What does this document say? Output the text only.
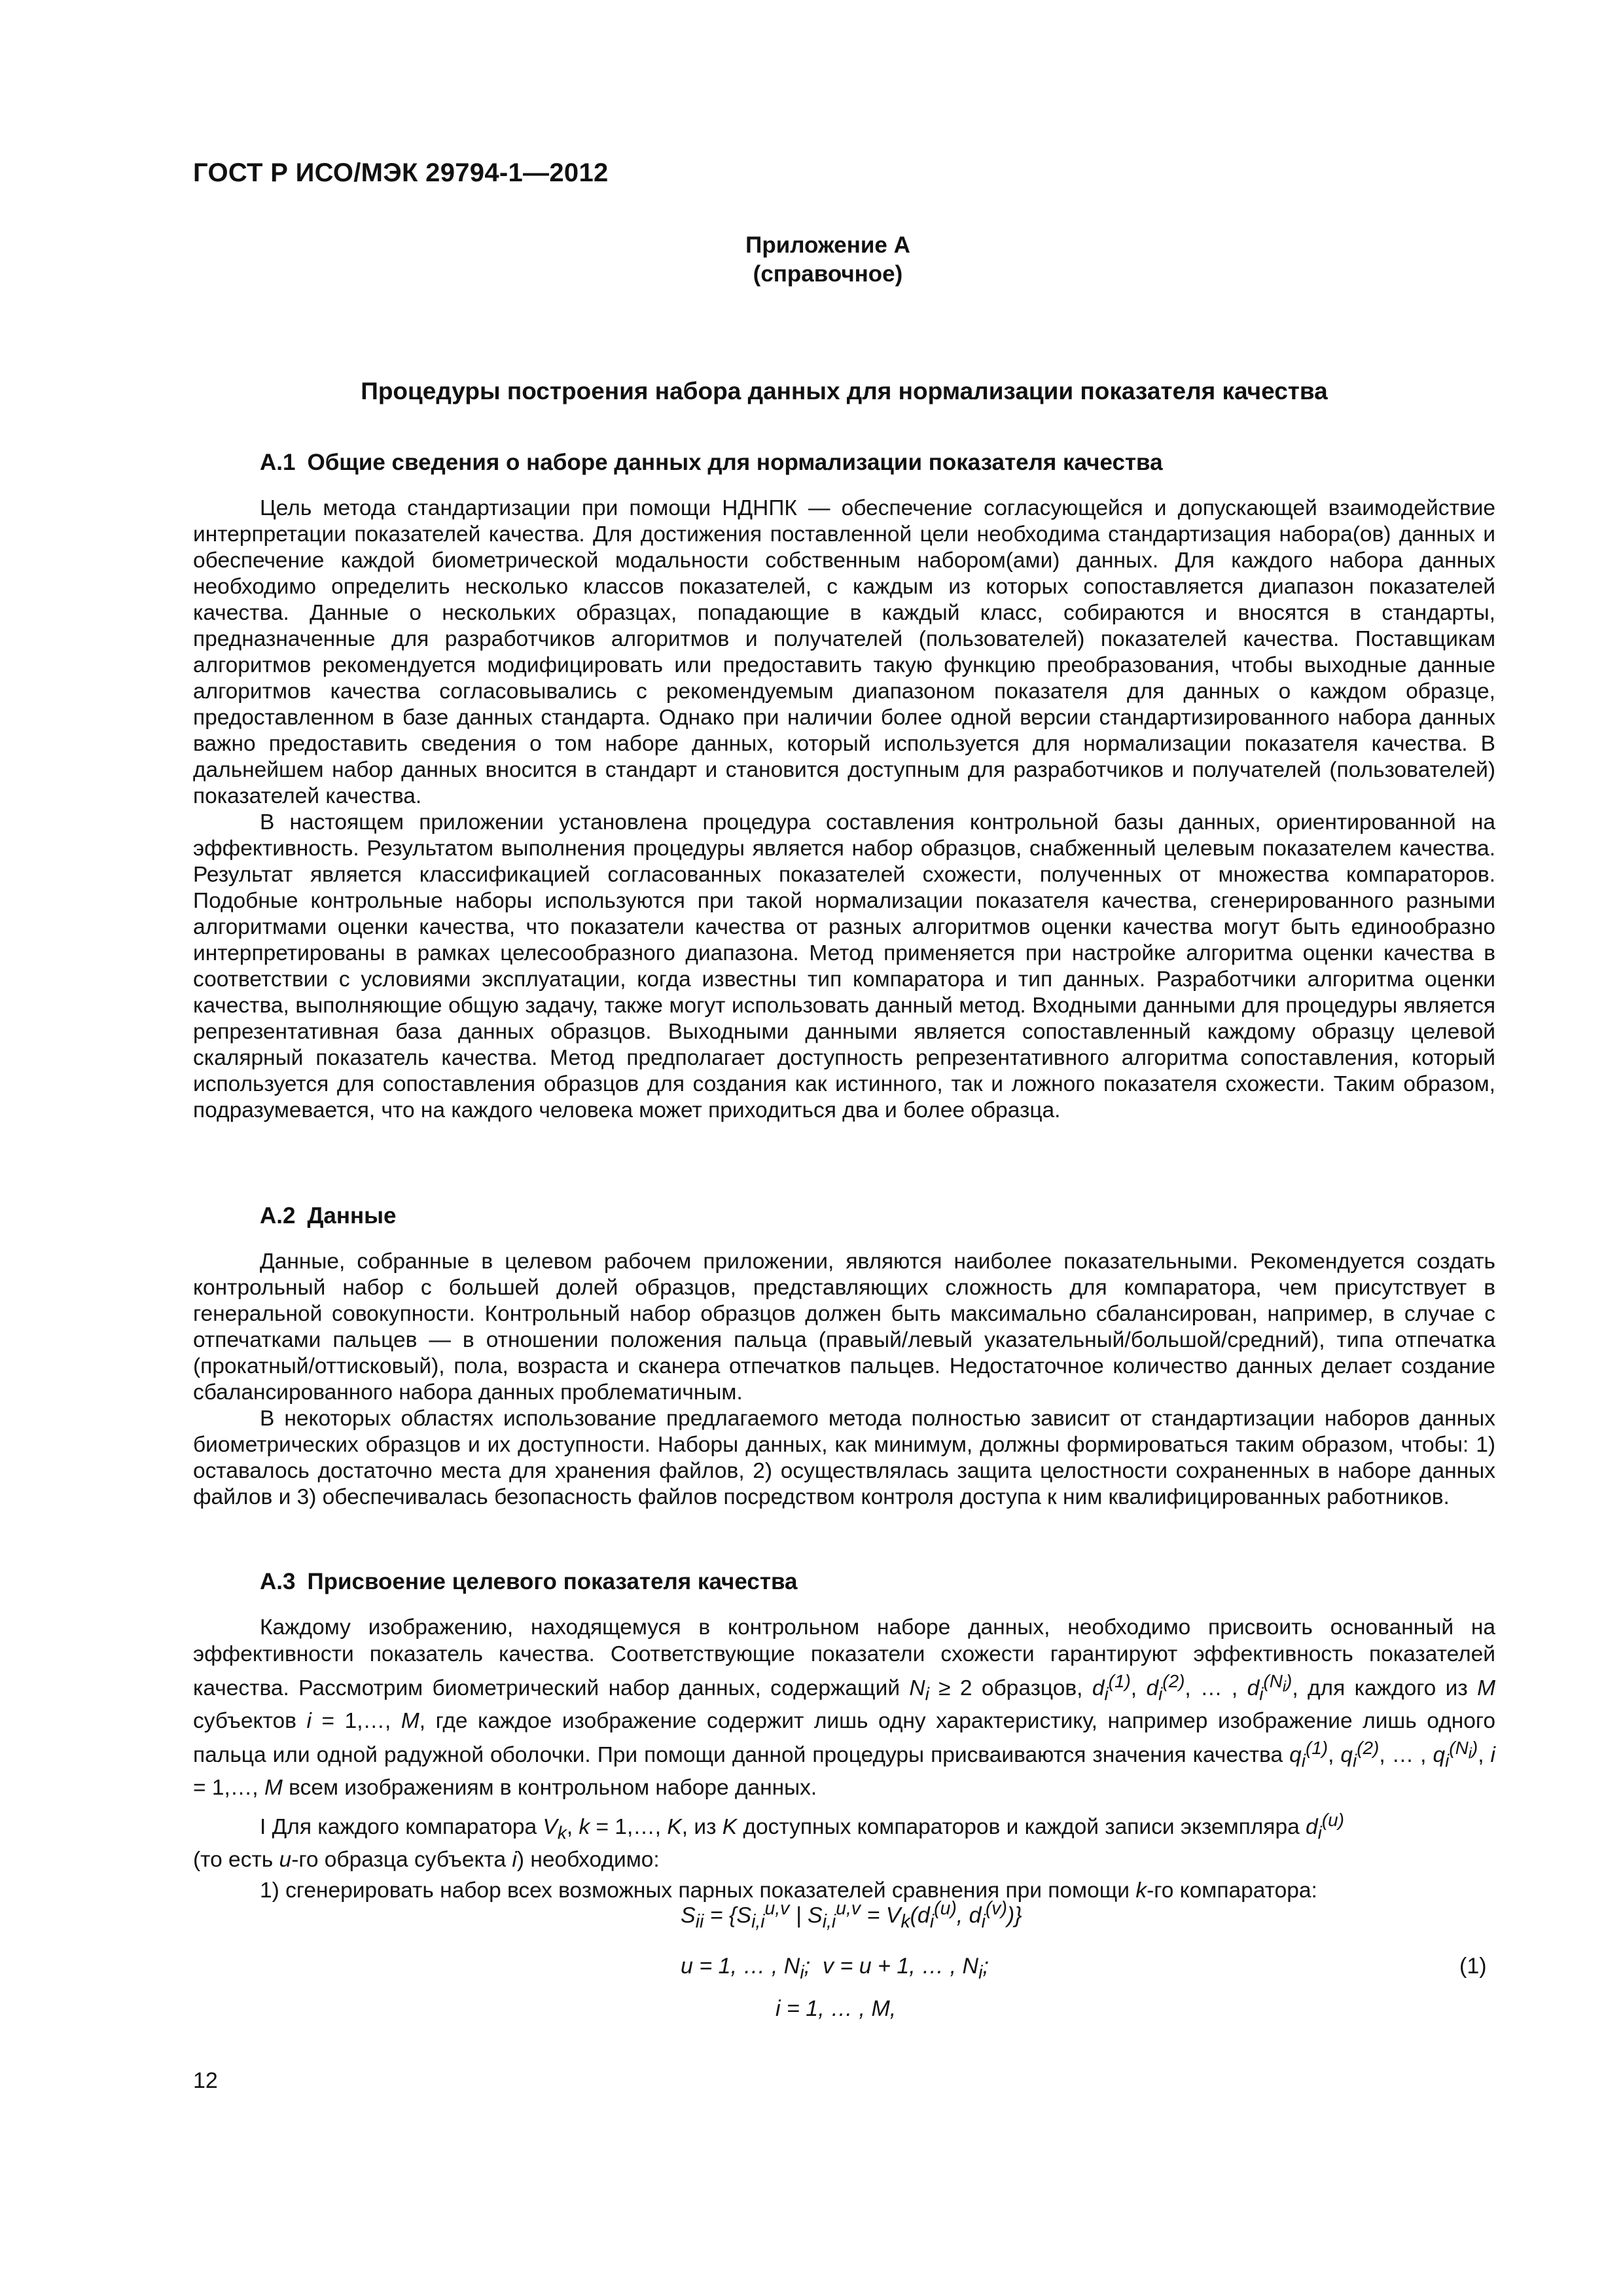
ГОСТ Р ИСО/МЭК 29794-1—2012
Приложение А
(справочное)
Процедуры построения набора данных для нормализации показателя качества
А.1 Общие сведения о наборе данных для нормализации показателя качества

Цель метода стандартизации при помощи НДНПК — обеспечение согласующейся и допускающей взаимодействие интерпретации показателей качества. Для достижения поставленной цели необходима стандартизация набора(ов) данных и обеспечение каждой биометрической модальности собственным набором(ами) данных. Для каждого набора данных необходимо определить несколько классов показателей, с каждым из которых сопоставляется диапазон показателей качества. Данные о нескольких образцах, попадающие в каждый класс, собираются и вносятся в стандарты, предназначенные для разработчиков алгоритмов и получателей (пользователей) показателей качества. Поставщикам алгоритмов рекомендуется модифицировать или предоставить такую функцию преобразования, чтобы выходные данные алгоритмов качества согласовывались с рекомендуемым диапазоном показателя для данных о каждом образце, предоставленном в базе данных стандарта. Однако при наличии более одной версии стандартизированного набора данных важно предоставить сведения о том наборе данных, который используется для нормализации показателя качества. В дальнейшем набор данных вносится в стандарт и становится доступным для разработчиков и получателей (пользователей) показателей качества.

В настоящем приложении установлена процедура составления контрольной базы данных, ориентированной на эффективность. Результатом выполнения процедуры является набор образцов, снабженный целевым показателем качества. Результат является классификацией согласованных показателей схожести, полученных от множества компараторов. Подобные контрольные наборы используются при такой нормализации показателя качества, сгенерированного разными алгоритмами оценки качества, что показатели качества от разных алгоритмов оценки качества могут быть единообразно интерпретированы в рамках целесообразного диапазона. Метод применяется при настройке алгоритма оценки качества в соответствии с условиями эксплуатации, когда известны тип компаратора и тип данных. Разработчики алгоритма оценки качества, выполняющие общую задачу, также могут использовать данный метод. Входными данными для процедуры является репрезентативная база данных образцов. Выходными данными является сопоставленный каждому образцу целевой скалярный показатель качества. Метод предполагает доступность репрезентативного алгоритма сопоставления, который используется для сопоставления образцов для создания как истинного, так и ложного показателя схожести. Таким образом, подразумевается, что на каждого человека может приходиться два и более образца.

А.2 Данные

Данные, собранные в целевом рабочем приложении, являются наиболее показательными. Рекомендуется создать контрольный набор с большей долей образцов, представляющих сложность для компаратора, чем присутствует в генеральной совокупности. Контрольный набор образцов должен быть максимально сбалансирован, например, в случае с отпечатками пальцев — в отношении положения пальца (правый/левый указательный/большой/средний), типа отпечатка (прокатный/оттисковый), пола, возраста и сканера отпечатков пальцев. Недостаточное количество данных делает создание сбалансированного набора данных проблематичным.

В некоторых областях использование предлагаемого метода полностью зависит от стандартизации наборов данных биометрических образцов и их доступности. Наборы данных, как минимум, должны формироваться таким образом, чтобы: 1) оставалось достаточно места для хранения файлов, 2) осуществлялась защита целостности сохраненных в наборе данных файлов и 3) обеспечивалась безопасность файлов посредством контроля доступа к ним квалифицированных работников.

А.3 Присвоение целевого показателя качества

Каждому изображению, находящемуся в контрольном наборе данных, необходимо присвоить основанный на эффективности показатель качества. Соответствующие показатели схожести гарантируют эффективность показателей качества. Рассмотрим биометрический набор данных, содержащий $N_i \ge 2$ образцов, $d_i^{(1)}$, $d_i^{(2)}$, … , $d_i^{(N_i)}$, для каждого из M субъектов i = 1,…, M, где каждое изображение содержит лишь одну характеристику, например изображение лишь одного пальца или одной радужной оболочки. При помощи данной процедуры присваиваются значения качества $q_i^{(1)}$, $q_i^{(2)}$, … , $q_i^{(N_i)}$, i = 1,…, M всем изображениям в контрольном наборе данных.

I Для каждого компаратора $V_k$, k = 1,…, K, из K доступных компараторов и каждой записи экземпляра $d_i^{(u)}$

(то есть u-го образца субъекта i) необходимо:

1) сгенерировать набор всех возможных парных показателей сравнения при помощи k-го компаратора:

$S_{ii} = \{S_{i,i}^{u,v}$ | $S_{i,i}^{u,v} = V_k(d_i^{(u)}$, $d_i^{(v)}$)}
u = 1, … , $N_i$;  v = u + 1, … , $N_i$;	(1)
i = 1, … , M,
12
